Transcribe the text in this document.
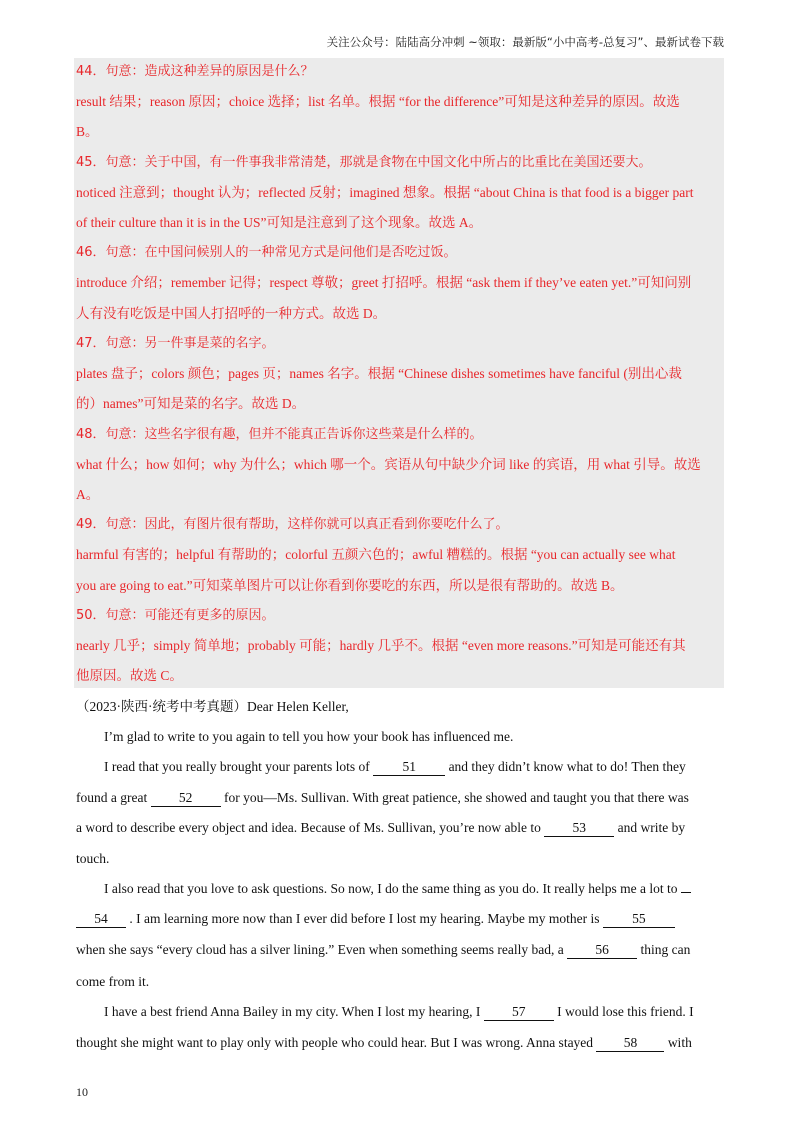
关注公众号：陆陆高分冲刺 ~领取：最新版“小中高考-总复习”、最新试卷下载
44．句意：造成这种差异的原因是什么？
result 结果；reason 原因；choice 选择；list 名单。根据 “for the difference”可知是这种差异的原因。故选
B。
45．句意：关于中国，有一件事我非常清楚，那就是食物在中国文化中所占的比重比在美国还要大。
noticed 注意到；thought 认为；reflected 反射；imagined 想象。根据 “about China is that food is a bigger part
of their culture than it is in the US”可知是注意到了这个现象。故选 A。
46．句意：在中国问候别人的一种常见方式是问他们是否吃过饭。
introduce 介绍；remember 记得；respect 尊敬；greet 打招呼。根据 “ask them if they’ve eaten yet.”可知问别
人有没有吃饭是中国人打招呼的一种方式。故选 D。
47．句意：另一件事是菜的名字。
plates 盘子；colors 颜色；pages 页；names 名字。根据 “Chinese dishes sometimes have fanciful (别出心裁
的）names”可知是菜的名字。故选 D。
48．句意：这些名字很有趣，但并不能真正告诉你这些菜是什么样的。
what 什么；how 如何；why 为什么；which 哪一个。宾语从句中缺少介词 like 的宾语，用 what 引导。故选
A。
49．句意：因此，有图片很有帮助，这样你就可以真正看到你要吃什么了。
harmful 有害的；helpful 有帮助的；colorful 五颜六色的；awful 糟糕的。根据 “you can actually see what
you are going to eat.”可知菜单图片可以让你看到你要吃的东西，所以是很有帮助的。故选 B。
50．句意：可能还有更多的原因。
nearly 几乎；simply 简单地；probably 可能；hardly 几乎不。根据 “even more reasons.”可知是可能还有其
他原因。故选 C。
（2023·陕西·统考中考真题）Dear Helen Keller,
I’m glad to write to you again to tell you how your book has influenced me.
I read that you really brought your parents lots of 51 and they didn’t know what to do! Then they
found a great 52 for you—Ms. Sullivan. With great patience, she showed and taught you that there was
a word to describe every object and idea. Because of Ms. Sullivan, you’re now able to 53 and write by
touch.
I also read that you love to ask questions. So now, I do the same thing as you do. It really helps me a lot to
54 . I am learning more now than I ever did before I lost my hearing. Maybe my mother is 55
when she says “every cloud has a silver lining.” Even when something seems really bad, a 56 thing can
come from it.
I have a best friend Anna Bailey in my city. When I lost my hearing, I 57 I would lose this friend. I
thought she might want to play only with people who could hear. But I was wrong. Anna stayed 58 with
10
